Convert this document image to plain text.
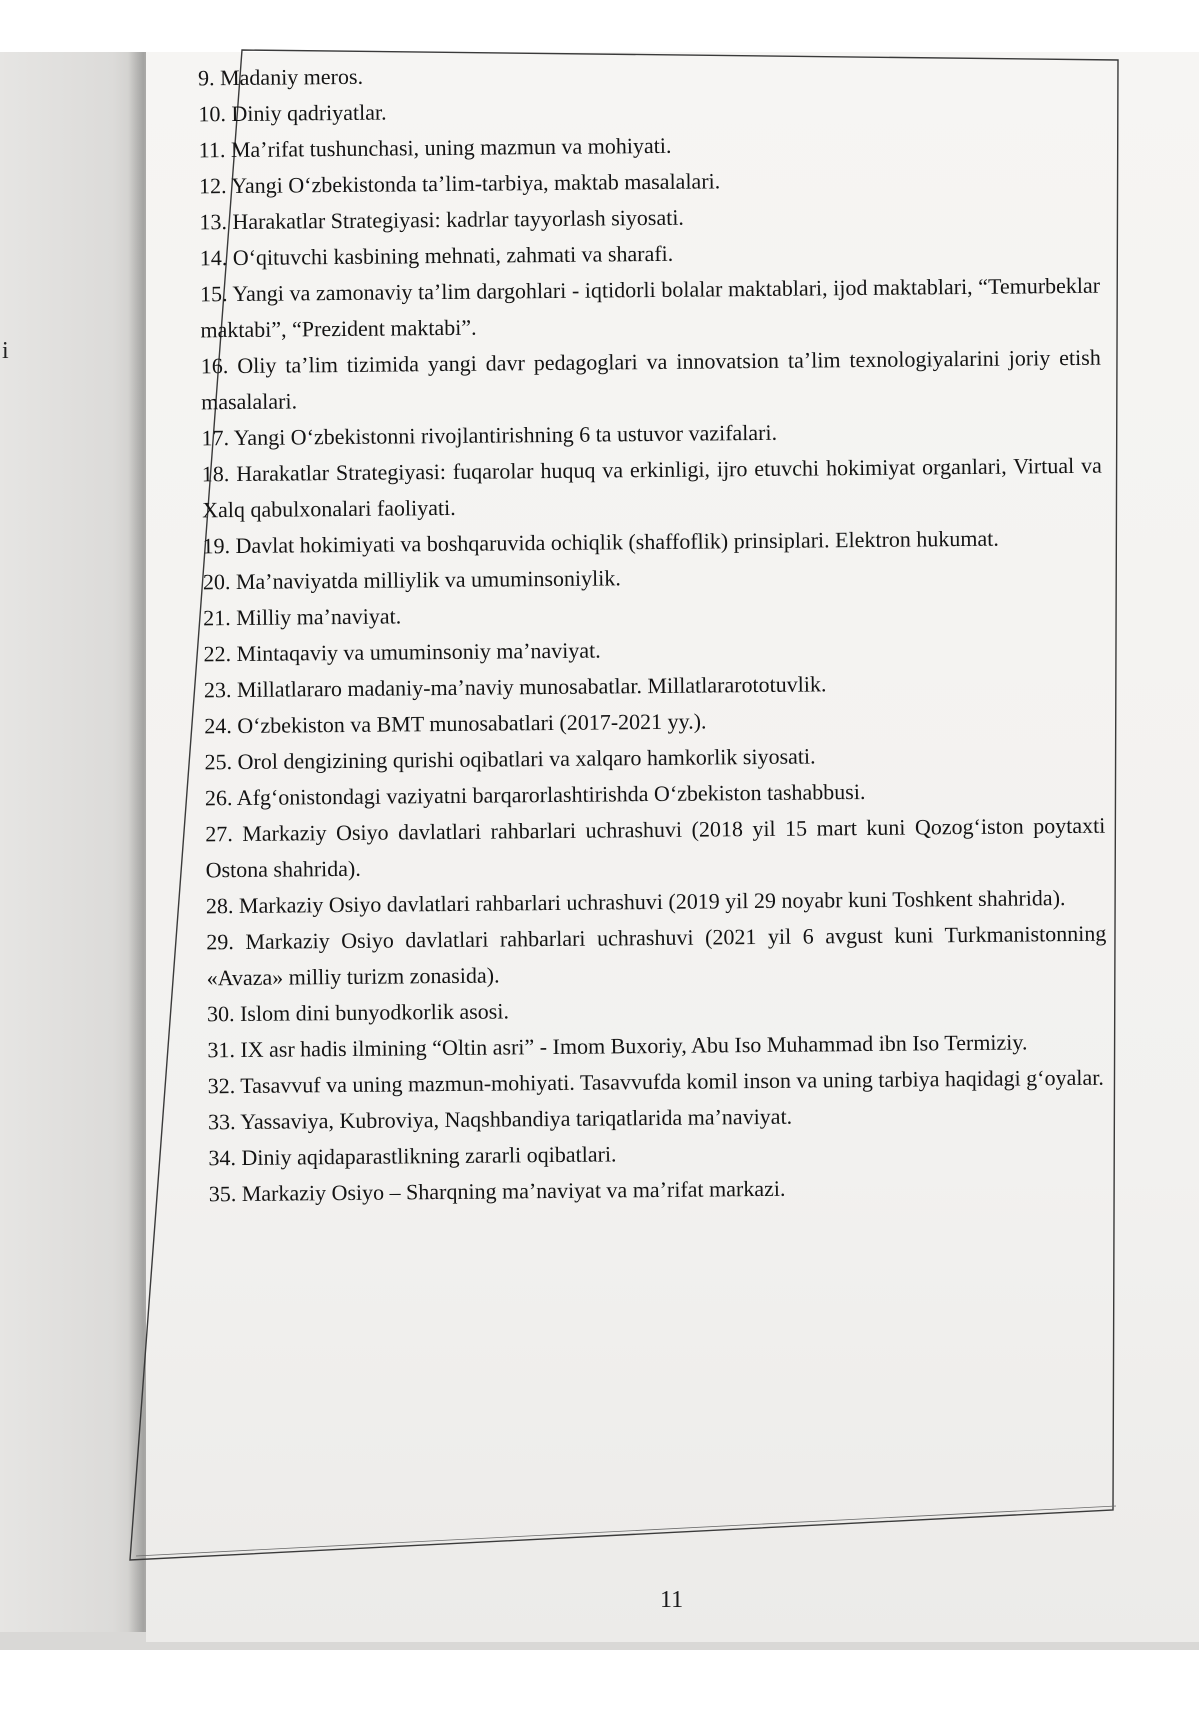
i

9. Madaniy meros.

10. Diniy qadriyatlar.

11. Ma’rifat tushunchasi, uning mazmun va mohiyati.

12. Yangi O‘zbekistonda ta’lim-tarbiya, maktab masalalari.

13. Harakatlar Strategiyasi: kadrlar tayyorlash siyosati.

14. O‘qituvchi kasbining mehnati, zahmati va sharafi.

15. Yangi va zamonaviy ta’lim dargohlari - iqtidorli bolalar maktablari, ijod maktablari, “Temurbeklar maktabi”, “Prezident maktabi”.

16. Oliy ta’lim tizimida yangi davr pedagoglari va innovatsion ta’lim texnologiyalarini joriy etish masalalari.

17. Yangi O‘zbekistonni rivojlantirishning 6 ta ustuvor vazifalari.

18. Harakatlar Strategiyasi: fuqarolar huquq va erkinligi, ijro etuvchi hokimiyat organlari, Virtual va Xalq qabulxonalari faoliyati.

19. Davlat hokimiyati va boshqaruvida ochiqlik (shaffoflik) prinsiplari. Elektron hukumat.

20. Ma’naviyatda milliylik va umuminsoniylik.

21. Milliy ma’naviyat.

22. Mintaqaviy va umuminsoniy ma’naviyat.

23. Millatlararo madaniy-ma’naviy munosabatlar. Millatlararototuvlik.

24. O‘zbekiston va BMT munosabatlari (2017-2021 yy.).

25. Orol dengizining qurishi oqibatlari va xalqaro hamkorlik siyosati.

26. Afg‘onistondagi vaziyatni barqarorlashtirishda O‘zbekiston tashabbusi.

27. Markaziy Osiyo davlatlari rahbarlari uchrashuvi (2018 yil 15 mart kuni Qozog‘iston poytaxti Ostona shahrida).

28. Markaziy Osiyo davlatlari rahbarlari uchrashuvi (2019 yil 29 noyabr kuni Toshkent shahrida).

29. Markaziy Osiyo davlatlari rahbarlari uchrashuvi (2021 yil 6 avgust kuni Turkmanistonning «Avaza» milliy turizm zonasida).

30. Islom dini bunyodkorlik asosi.

31. IX asr hadis ilmining “Oltin asri” - Imom Buxoriy, Abu Iso Muhammad ibn Iso Termiziy.

32. Tasavvuf va uning mazmun-mohiyati. Tasavvufda komil inson va uning tarbiya haqidagi g‘oyalar.

33. Yassaviya, Kubroviya, Naqshbandiya tariqatlarida ma’naviyat.

34. Diniy aqidaparastlikning zararli oqibatlari.

35. Markaziy Osiyo – Sharqning ma’naviyat va ma’rifat markazi.

11
